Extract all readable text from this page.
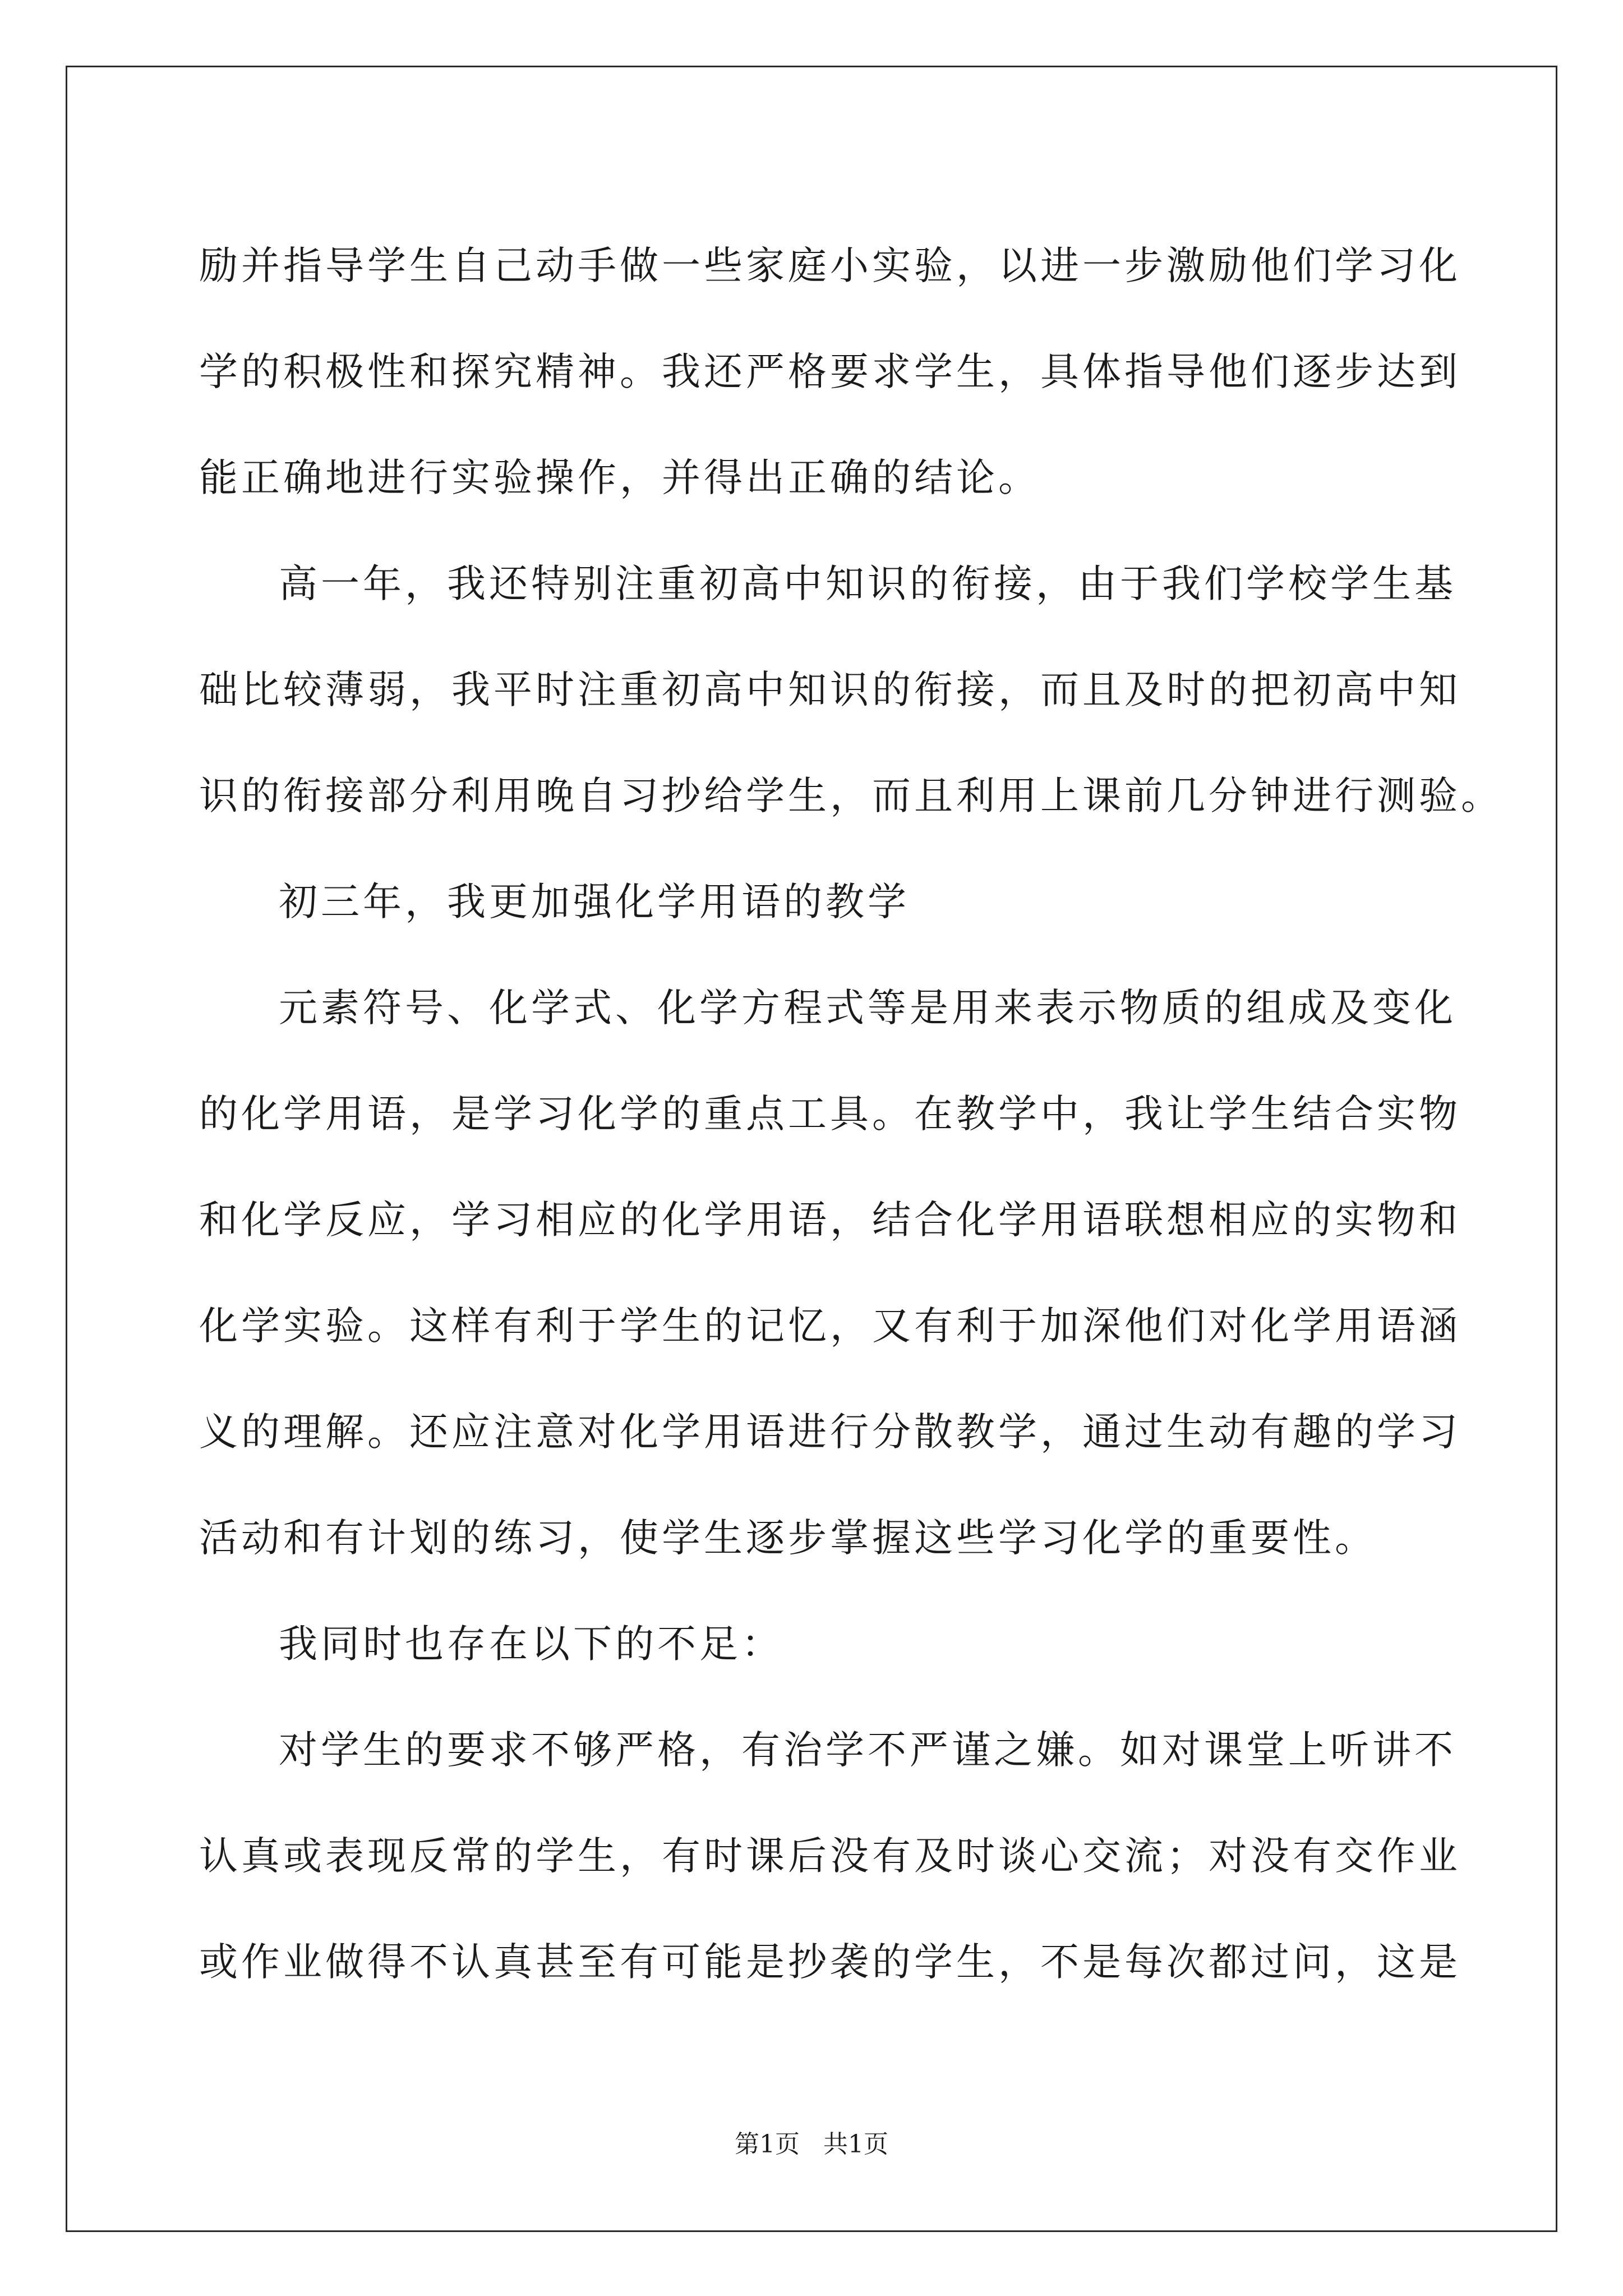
励并指导学生自己动手做一些家庭小实验，以进一步激励他们学习化
学的积极性和探究精神。我还严格要求学生，具体指导他们逐步达到
能正确地进行实验操作，并得出正确的结论。
高一年，我还特别注重初高中知识的衔接，由于我们学校学生基
础比较薄弱，我平时注重初高中知识的衔接，而且及时的把初高中知
识的衔接部分利用晚自习抄给学生，而且利用上课前几分钟进行测验。
初三年，我更加强化学用语的教学
元素符号、化学式、化学方程式等是用来表示物质的组成及变化
的化学用语，是学习化学的重点工具。在教学中，我让学生结合实物
和化学反应，学习相应的化学用语，结合化学用语联想相应的实物和
化学实验。这样有利于学生的记忆，又有利于加深他们对化学用语涵
义的理解。还应注意对化学用语进行分散教学，通过生动有趣的学习
活动和有计划的练习，使学生逐步掌握这些学习化学的重要性。
我同时也存在以下的不足：
对学生的要求不够严格，有治学不严谨之嫌。如对课堂上听讲不
认真或表现反常的学生，有时课后没有及时谈心交流；对没有交作业
或作业做得不认真甚至有可能是抄袭的学生，不是每次都过问，这是
第1页   共1页
